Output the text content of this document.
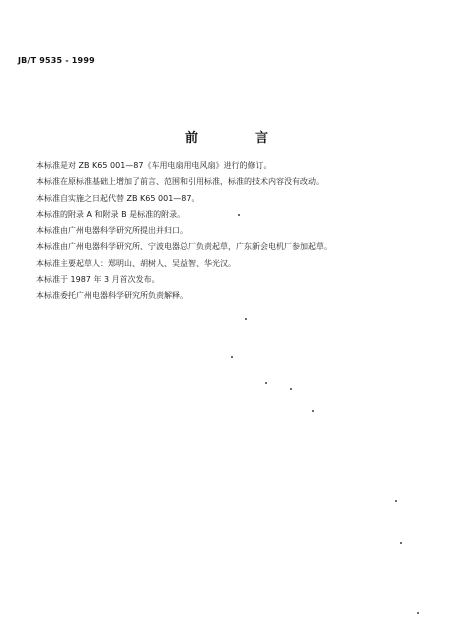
JB/T 9535 - 1999
前　言
本标准是对 ZB K65 001—87《车用电扇用电风扇》进行的修订。
本标准在原标准基础上增加了前言、范围和引用标准，标准的技术内容没有改动。
本标准自实施之日起代替 ZB K65 001—87。
本标准的附录 A 和附录 B 是标准的附录。
本标准由广州电器科学研究所提出并归口。
本标准由广州电器科学研究所、宁波电器总厂负责起草，广东新会电机厂参加起草。
本标准主要起草人：郑明山、胡树人、吴益智、华光汉。
本标准于 1987 年 3 月首次发布。
本标准委托广州电器科学研究所负责解释。
